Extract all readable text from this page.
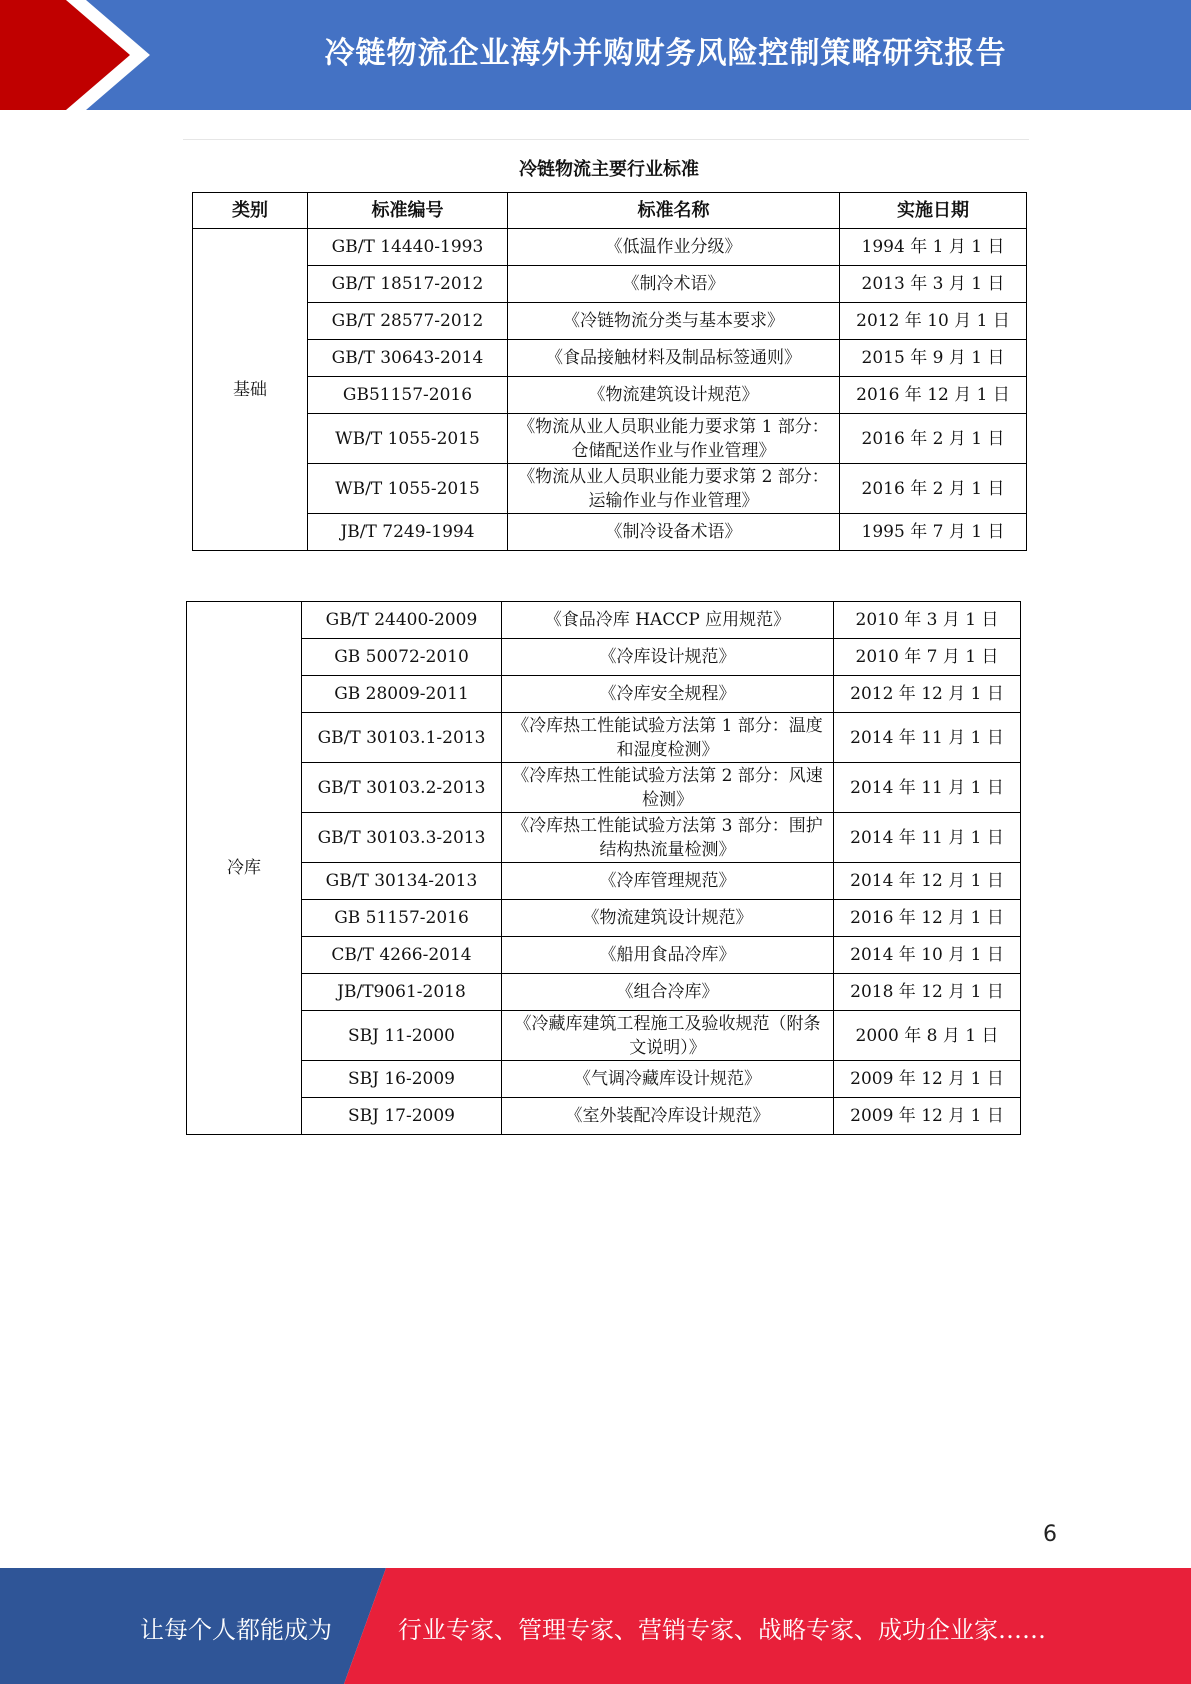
冷链物流企业海外并购财务风险控制策略研究报告
冷链物流主要行业标准
类别	标准编号	标准名称	实施日期
基础	GB/T 14440-1993	《低温作业分级》	1994 年 1 月 1 日
	GB/T 18517-2012	《制冷术语》	2013 年 3 月 1 日
	GB/T 28577-2012	《冷链物流分类与基本要求》	2012 年 10 月 1 日
	GB/T 30643-2014	《食品接触材料及制品标签通则》	2015 年 9 月 1 日
	GB51157-2016	《物流建筑设计规范》	2016 年 12 月 1 日
	WB/T 1055-2015	《物流从业人员职业能力要求第 1 部分：仓储配送作业与作业管理》	2016 年 2 月 1 日
	WB/T 1055-2015	《物流从业人员职业能力要求第 2 部分：运输作业与作业管理》	2016 年 2 月 1 日
	JB/T 7249-1994	《制冷设备术语》	1995 年 7 月 1 日
冷库	GB/T 24400-2009	《食品冷库 HACCP 应用规范》	2010 年 3 月 1 日
	GB 50072-2010	《冷库设计规范》	2010 年 7 月 1 日
	GB 28009-2011	《冷库安全规程》	2012 年 12 月 1 日
	GB/T 30103.1-2013	《冷库热工性能试验方法第 1 部分：温度和湿度检测》	2014 年 11 月 1 日
	GB/T 30103.2-2013	《冷库热工性能试验方法第 2 部分：风速检测》	2014 年 11 月 1 日
	GB/T 30103.3-2013	《冷库热工性能试验方法第 3 部分：围护结构热流量检测》	2014 年 11 月 1 日
	GB/T 30134-2013	《冷库管理规范》	2014 年 12 月 1 日
	GB 51157-2016	《物流建筑设计规范》	2016 年 12 月 1 日
	CB/T 4266-2014	《船用食品冷库》	2014 年 10 月 1 日
	JB/T9061-2018	《组合冷库》	2018 年 12 月 1 日
	SBJ 11-2000	《冷藏库建筑工程施工及验收规范（附条文说明）》	2000 年 8 月 1 日
	SBJ 16-2009	《气调冷藏库设计规范》	2009 年 12 月 1 日
	SBJ 17-2009	《室外装配冷库设计规范》	2009 年 12 月 1 日
6
让每个人都能成为	行业专家、管理专家、营销专家、战略专家、成功企业家……
